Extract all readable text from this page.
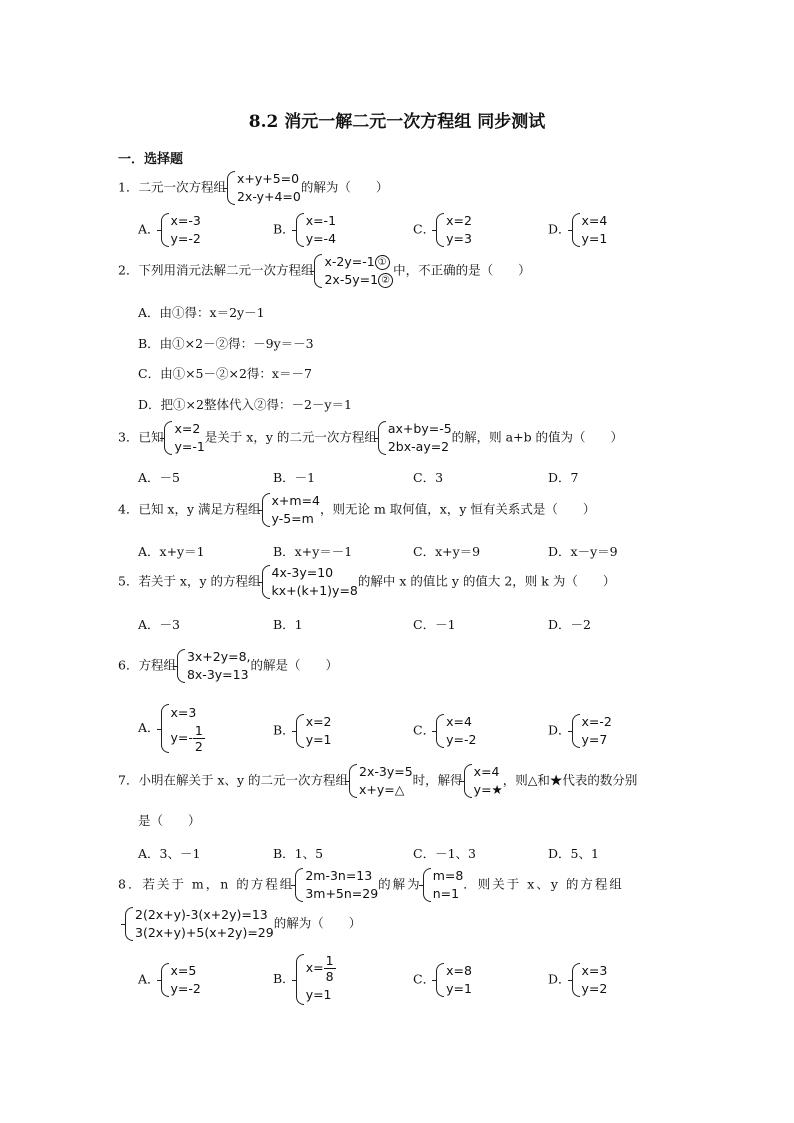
8.2 消元一解二元一次方程组 同步测试
一．选择题
1．二元一次方程组
x+y+5=0
2x-y+4=0
的解为（　　）
A．
x=-3
y=-2
B．
x=-1
y=-4
C．
x=2
y=3
D．
x=4
y=1
2．下列用消元法解二元一次方程组
x-2y=-1 ①
2x-5y=1 ②
中，不正确的是（　　）
A．由①得：x＝2y－1
B．由①×2－②得：－9y＝－3
C．由①×5－②×2得：x＝－7
D．把①×2整体代入②得：－2－y＝1
3．已知
x=2
y=-1
是关于 x，y 的二元一次方程组
ax+by=-5
2bx-ay=2
的解，则 a+b 的值为（　　）
A．－5	B．－1	C．3	D．7
4．已知 x，y 满足方程组
x+m=4
y-5=m
，则无论 m 取何值，x，y 恒有关系式是（　　）
A．x+y＝1	B．x+y＝－1	C．x+y＝9	D．x－y＝9
5．若关于 x，y 的方程组
4x-3y=10
kx+(k+1)y=8
的解中 x 的值比 y 的值大 2，则 k 为（　　）
A．－3	B．1	C．－1	D．－2
6．方程组
3x+2y=8,
8x-3y=13
的解是（　　）
A．
x=3
$y=- \frac{1}{2}$	B．
x=2
y=1
C．
x=4
y=-2
D．
x=-2
y=7
7．小明在解关于 x、y 的二元一次方程组
2x-3y=5
x+y=△
时，解得
x=4
y=★
，则△和★代表的数分别
是（　　）
A．3、－1	B．1、5	C．－1、3	D．5、1
8．若关于 m，n 的方程组
2m-3n=13
3m+5n=29
的解为
m=8
n=1
．则关于 x、y 的方程组
2(2x+y)-3(x+2y)=13
3(2x+y)+5(x+2y)=29
的解为（　　）
A．
x=5
y=-2
B．
$x= \frac{1}{8}$
y=1
C．
x=8
y=1
D．
x=3
y=2
